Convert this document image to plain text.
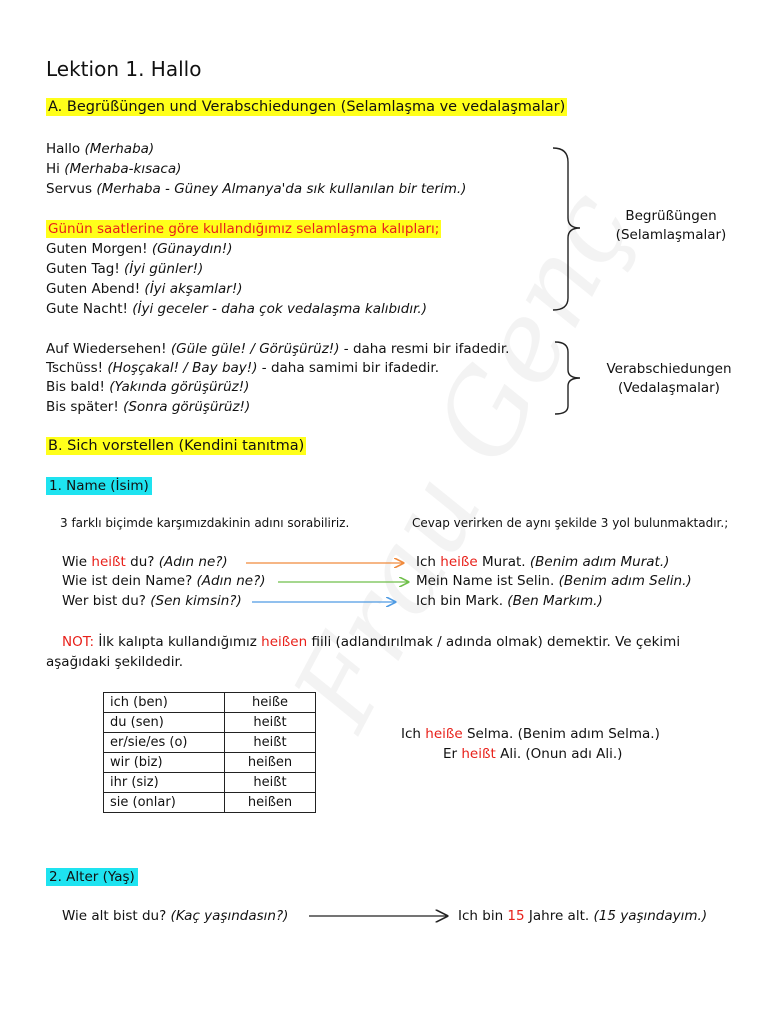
Lektion 1. Hallo
A. Begrüßüngen und Verabschiedungen (Selamlaşma ve vedalaşmalar)
Hallo (Merhaba)
Hi (Merhaba-kısaca)
Servus (Merhaba - Güney Almanya'da sık kullanılan bir terim.)
Günün saatlerine göre kullandığımız selamlaşma kalıpları;
Guten Morgen! (Günaydın!)
Guten Tag! (İyi günler!)
Guten Abend! (İyi akşamlar!)
Gute Nacht! (İyi geceler - daha çok vedalaşma kalıbıdır.)
Begrüßüngen
(Selamlaşmalar)
Auf Wiedersehen! (Güle güle! / Görüşürüz!) - daha resmi bir ifadedir.
Tschüss! (Hoşçakal! / Bay bay!) - daha samimi bir ifadedir.
Bis bald! (Yakında görüşürüz!)
Bis später! (Sonra görüşürüz!)
Verabschiedungen
(Vedalaşmalar)
B. Sich vorstellen (Kendini tanıtma)
1. Name (İsim)
3 farklı biçimde karşımızdakinin adını sorabiliriz.	Cevap verirken de aynı şekilde 3 yol bulunmaktadır.;
Wie heißt du? (Adın ne?)	Ich heiße Murat. (Benim adım Murat.)
Wie ist dein Name? (Adın ne?)	Mein Name ist Selin. (Benim adım Selin.)
Wer bist du? (Sen kimsin?)	Ich bin Mark. (Ben Markım.)
NOT: İlk kalıpta kullandığımız heißen fiili (adlandırılmak / adında olmak) demektir. Ve çekimi
aşağıdaki şekildedir.
ich (ben)	heiße
du (sen)	heißt
er/sie/es (o)	heißt
wir (biz)	heißen
ihr (siz)	heißt
sie (onlar)	heißen
Ich heiße Selma. (Benim adım Selma.)
Er heißt Ali. (Onun adı Ali.)
2. Alter (Yaş)
Wie alt bist du? (Kaç yaşındasın?)	Ich bin 15 Jahre alt. (15 yaşındayım.)
